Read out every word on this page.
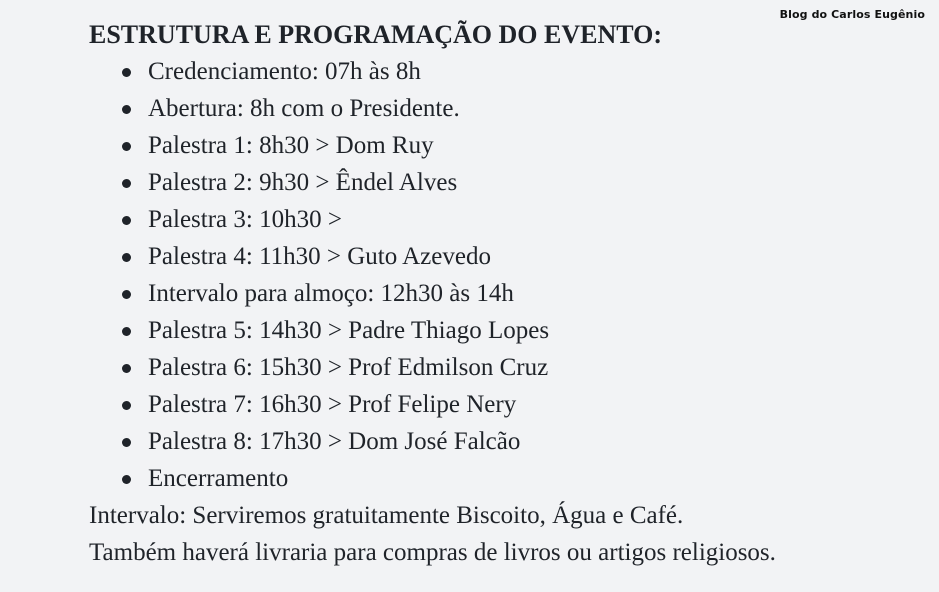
Blog do Carlos Eugênio
ESTRUTURA E PROGRAMAÇÃO DO EVENTO:
Credenciamento: 07h às 8h
Abertura: 8h com o Presidente.
Palestra 1: 8h30 > Dom Ruy
Palestra 2: 9h30 > Êndel Alves
Palestra 3: 10h30 >
Palestra 4: 11h30 > Guto Azevedo
Intervalo para almoço: 12h30 às 14h
Palestra 5: 14h30 > Padre Thiago Lopes
Palestra 6: 15h30 > Prof Edmilson Cruz
Palestra 7: 16h30 > Prof Felipe Nery
Palestra 8: 17h30 > Dom José Falcão
Encerramento

Intervalo: Serviremos gratuitamente Biscoito, Água e Café.

Também haverá livraria para compras de livros ou artigos religiosos.
